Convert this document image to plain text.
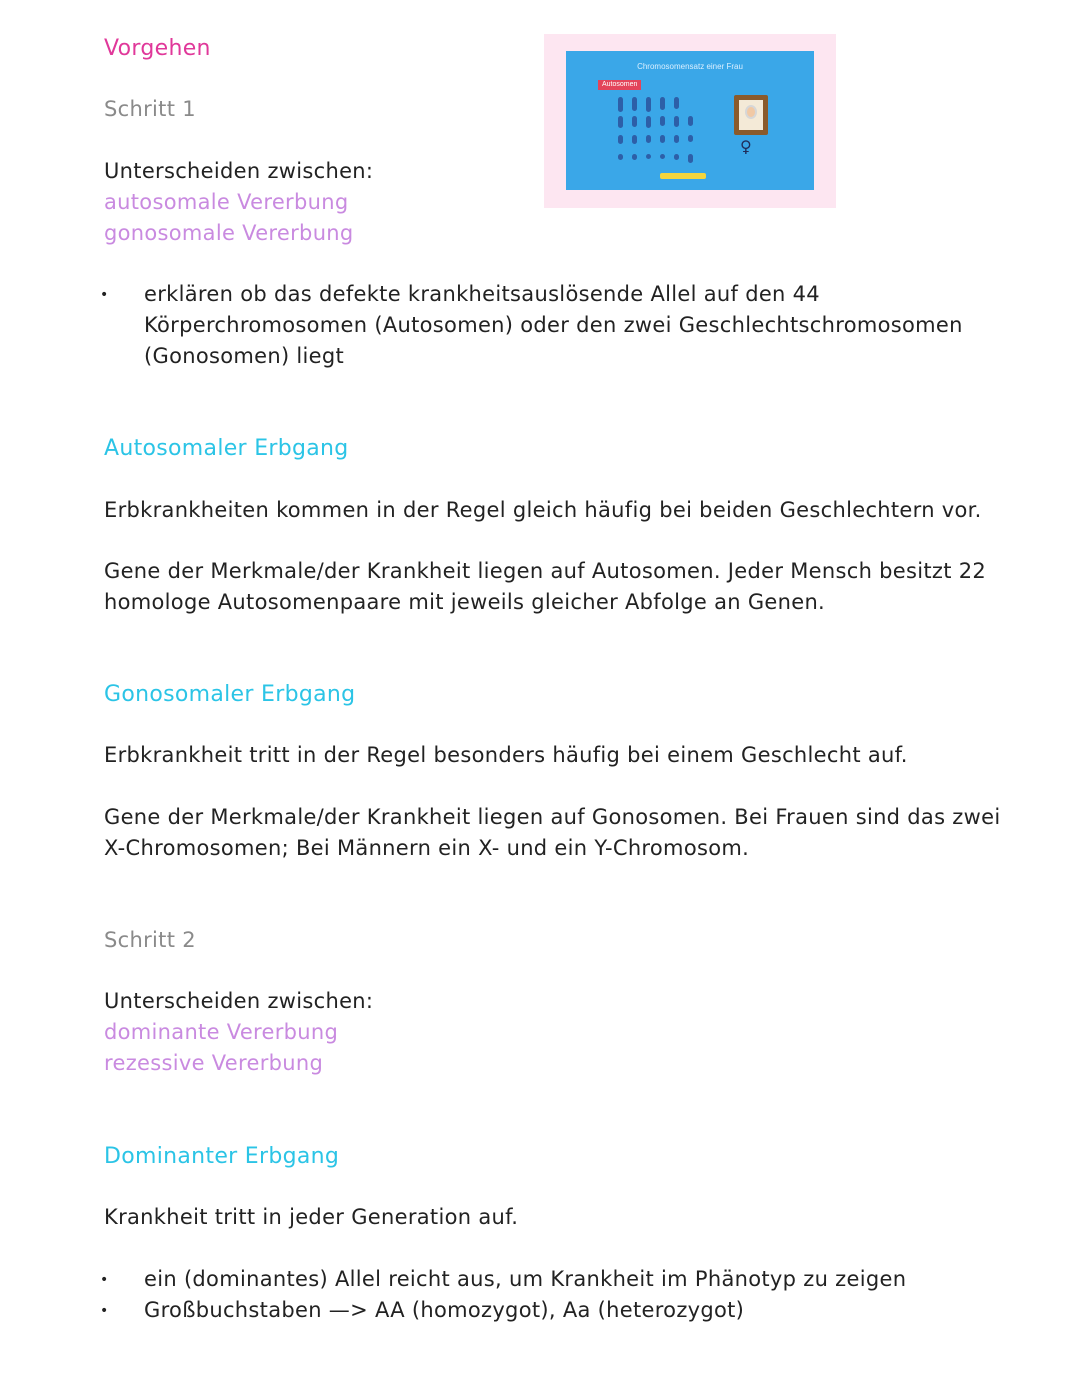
Vorgehen
Schritt 1
Chromosomensatz einer Frau
Autosomen
♀
Unterscheiden zwischen:
autosomale Vererbung
gonosomale Vererbung
• erklären ob das defekte krankheitsauslösende Allel auf den 44
Körperchromosomen (Autosomen) oder den zwei Geschlechtschromosomen
(Gonosomen) liegt
Autosomaler Erbgang
Erbkrankheiten kommen in der Regel gleich häufig bei beiden Geschlechtern vor.
Gene der Merkmale/der Krankheit liegen auf Autosomen. Jeder Mensch besitzt 22
homologe Autosomenpaare mit jeweils gleicher Abfolge an Genen.
Gonosomaler Erbgang
Erbkrankheit tritt in der Regel besonders häufig bei einem Geschlecht auf.
Gene der Merkmale/der Krankheit liegen auf Gonosomen. Bei Frauen sind das zwei
X-Chromosomen; Bei Männern ein X- und ein Y-Chromosom.
Schritt 2
Unterscheiden zwischen:
dominante Vererbung
rezessive Vererbung
Dominanter Erbgang
Krankheit tritt in jeder Generation auf.
• ein (dominantes) Allel reicht aus, um Krankheit im Phänotyp zu zeigen
• Großbuchstaben —> AA (homozygot), Aa (heterozygot)
